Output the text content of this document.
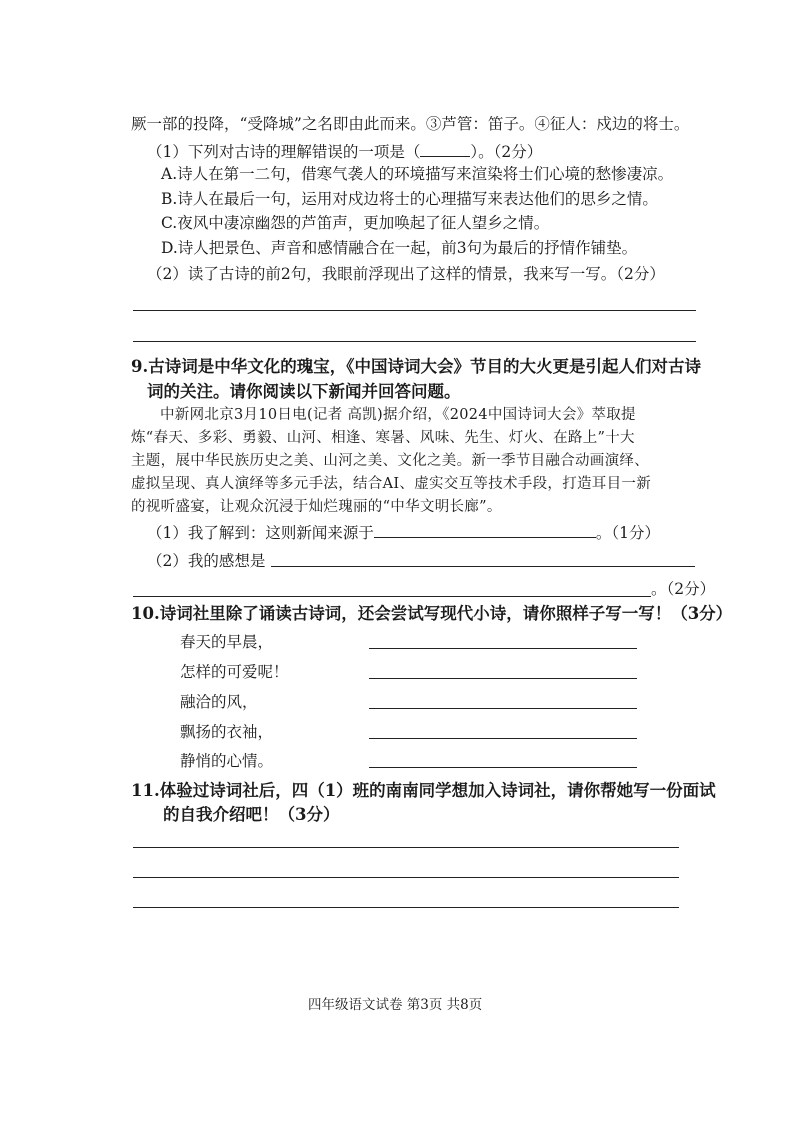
厥一部的投降，“受降城”之名即由此而来。③芦管：笛子。④征人：戍边的将士。
（1）下列对古诗的理解错误的一项是（	）。（2分）
A.诗人在第一二句，借寒气袭人的环境描写来渲染将士们心境的愁惨凄凉。
B.诗人在最后一句，运用对戍边将士的心理描写来表达他们的思乡之情。
C.夜风中凄凉幽怨的芦笛声，更加唤起了征人望乡之情。
D.诗人把景色、声音和感情融合在一起，前3句为最后的抒情作铺垫。
（2）读了古诗的前2句，我眼前浮现出了这样的情景，我来写一写。（2分）
9.古诗词是中华文化的瑰宝，《中国诗词大会》节目的大火更是引起人们对古诗
词的关注。请你阅读以下新闻并回答问题。
中新网北京3月10日电(记者 高凯)据介绍，《2024中国诗词大会》萃取提
炼“春天、多彩、勇毅、山河、相逢、寒暑、风味、先生、灯火、在路上”十大
主题，展中华民族历史之美、山河之美、文化之美。新一季节目融合动画演绎、
虚拟呈现、真人演绎等多元手法，结合AI、虚实交互等技术手段，打造耳目一新
的视听盛宴，让观众沉浸于灿烂瑰丽的“中华文明长廊”。
（1）我了解到：这则新闻来源于	。（1分）
（2）我的感想是
。（2分）
10.诗词社里除了诵读古诗词，还会尝试写现代小诗，请你照样子写一写！（3分）
春天的早晨，
怎样的可爱呢！
融洽的风，
飘扬的衣袖，
静悄的心情。
11.体验过诗词社后，四（1）班的南南同学想加入诗词社，请你帮她写一份面试
的自我介绍吧！（3分）
四年级语文试卷 第3页 共8页
